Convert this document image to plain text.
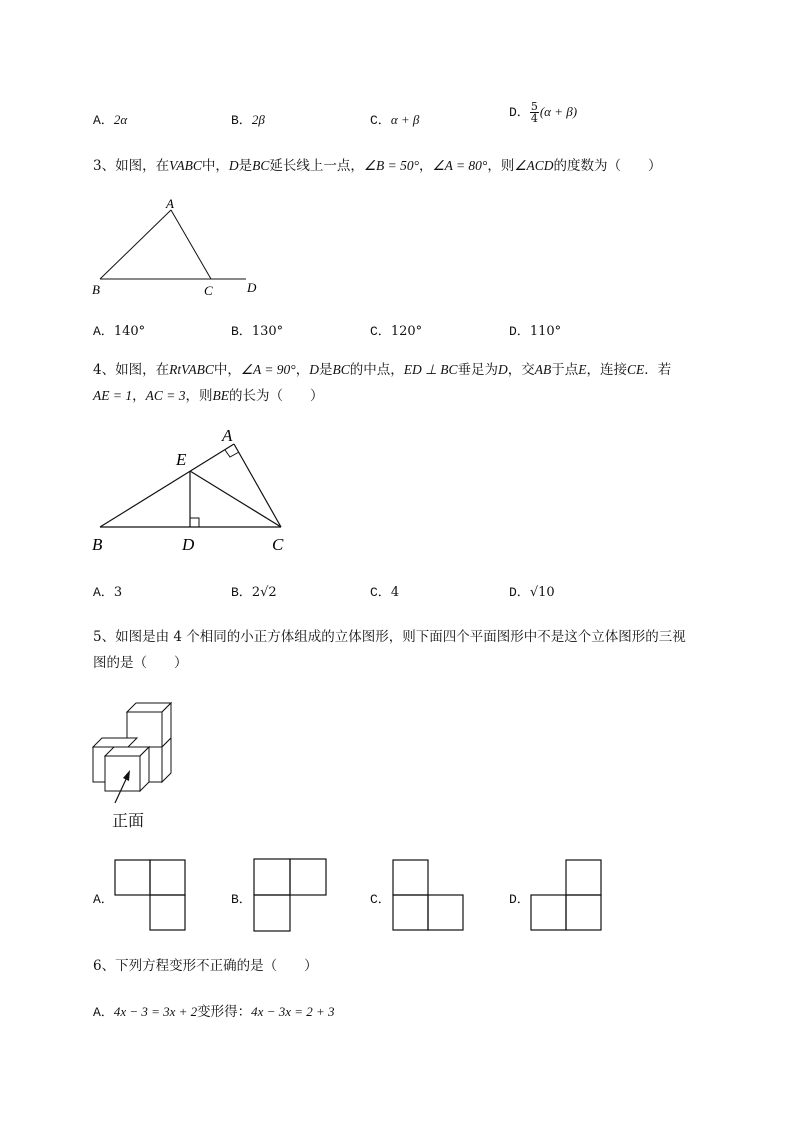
A．2α	B．2β	C．α + β	D． $\frac{5}{4} (\alpha + \beta)$
3、如图，在VABC中，D是BC延长线上一点，∠B = 50°，∠A = 80°，则∠ACD的度数为（　　）
A
B	C	D
A．140°	B．130°	C．120°	D．110°
4、如图，在RtVABC中，∠A = 90°，D是BC的中点，ED ⊥ BC垂足为D，交AB于点E，连接CE．若
AE = 1，AC = 3，则BE的长为（　　）
A
E
B	D	C
A．3	B．2√2	C．4	D．√10
5、如图是由 4 个相同的小正方体组成的立体图形，则下面四个平面图形中不是这个立体图形的三视
图的是（　　）
正面
A．	B．	C．	D．
6、下列方程变形不正确的是（　　）
A．4x − 3 = 3x + 2变形得：4x − 3x = 2 + 3
